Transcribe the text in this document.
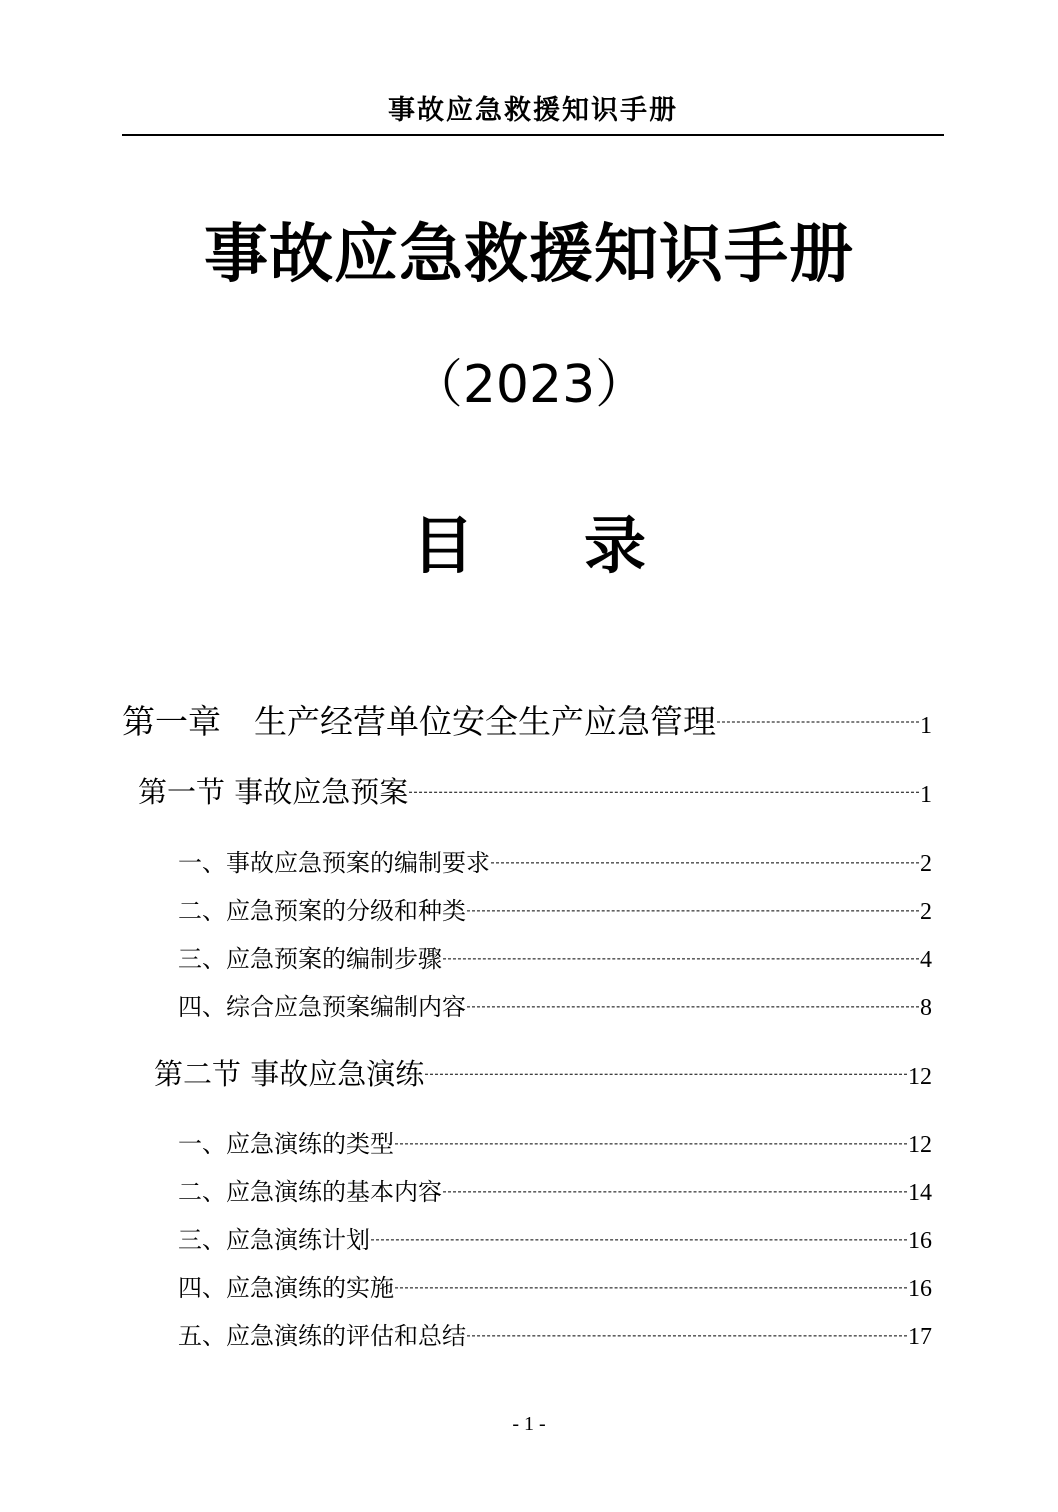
事故应急救援知识手册
事故应急救援知识手册
（2023）
目 录
第一章　生产经营单位安全生产应急管理	1
第一节 事故应急预案	1
一、事故应急预案的编制要求	2
二、应急预案的分级和种类	2
三、应急预案的编制步骤	4
四、综合应急预案编制内容	8
第二节 事故应急演练	12
一、应急演练的类型	12
二、应急演练的基本内容	14
三、应急演练计划	16
四、应急演练的实施	16
五、应急演练的评估和总结	17
- 1 -
